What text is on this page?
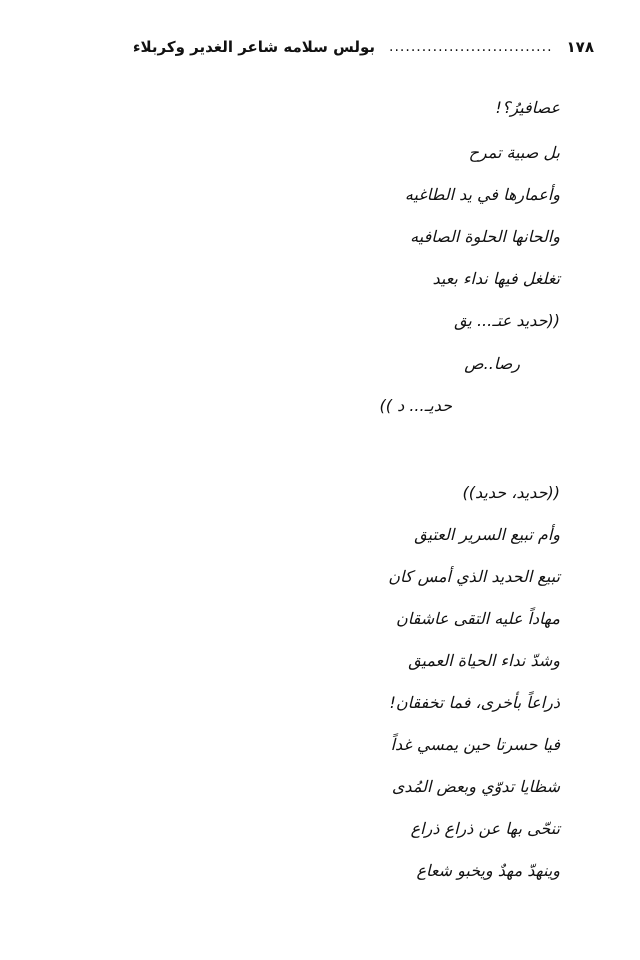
١٧٨
..............................
بولس سلامه شاعر الغدير وكربلاء
عصافيرُ؟!
بل صبية تمرح
وأعمارها في يد الطاغيه
والحانها الحلوة الصافيه
تغلغل فيها نداء بعيد
((حديد عتـ... يق
رصا..ص
حديـ... د ))
((حديد، حديد))
وأم تبيع السرير العتيق
تبيع الحديد الذي أمس كان
مهاداً عليه التقى عاشقان
وشدّ نداء الحياة العميق
ذراعاً بأخرى، فما تخفقان!
فيا حسرتا حين يمسي غداً
شظايا تدوّي وبعض المُدى
تنحّى بها عن ذراع ذراع
وينهدّ مهدٌ ويخبو شعاع
